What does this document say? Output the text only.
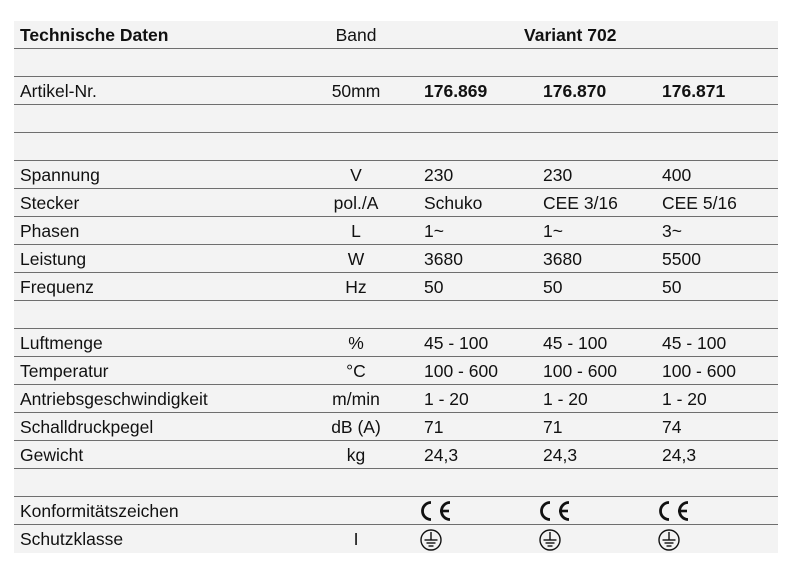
Technische Daten	Band	Variant 702
Artikel-Nr.	50mm	176.869	176.870	176.871
Spannung	V	230	230	400
Stecker	pol./A	Schuko	CEE 3/16	CEE 5/16
Phasen	L	1~	1~	3~
Leistung	W	3680	3680	5500
Frequenz	Hz	50	50	50
Luftmenge	%	45 - 100	45 - 100	45 - 100
Temperatur	°C	100 - 600	100 - 600	100 - 600
Antriebsgeschwindigkeit	m/min	1 - 20	1 - 20	1 - 20
Schalldruckpegel	dB (A)	71	71	74
Gewicht	kg	24,3	24,3	24,3
Konformitätszeichen
Schutzklasse	I
